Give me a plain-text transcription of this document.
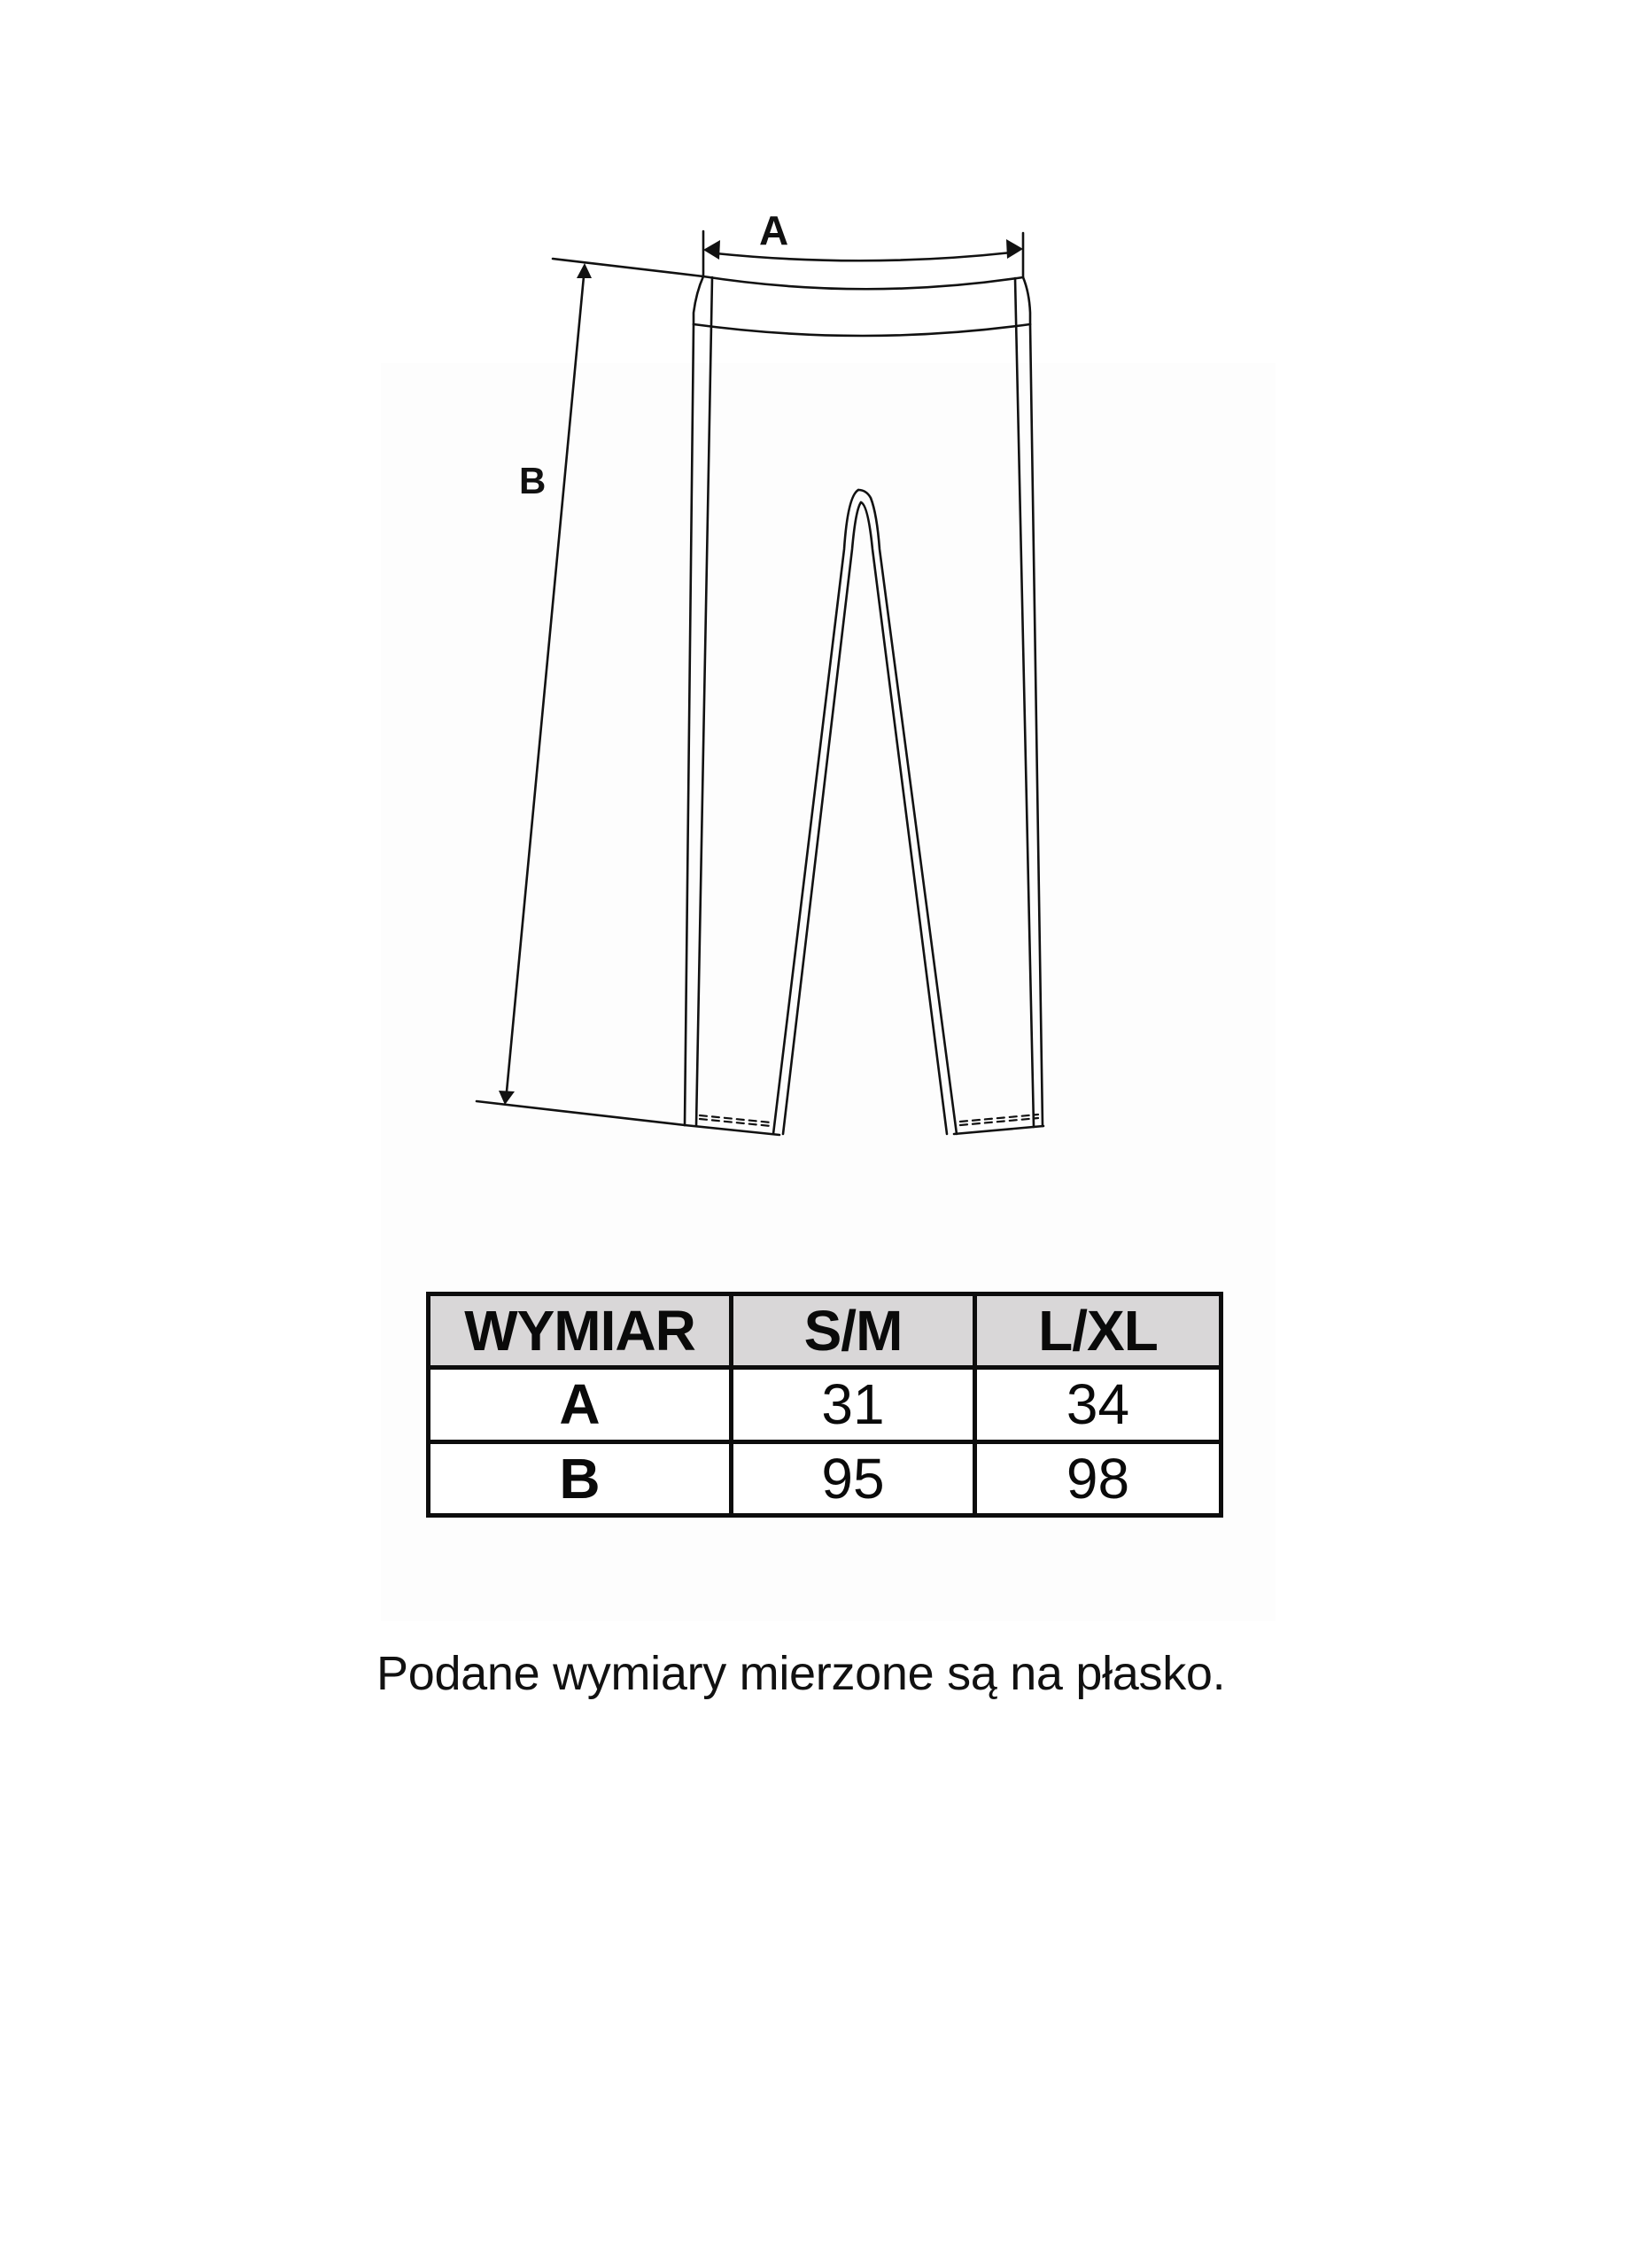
A
B
WYMIAR	S/M	L/XL
A	31	34
B	95	98
Podane wymiary mierzone są na płasko.
